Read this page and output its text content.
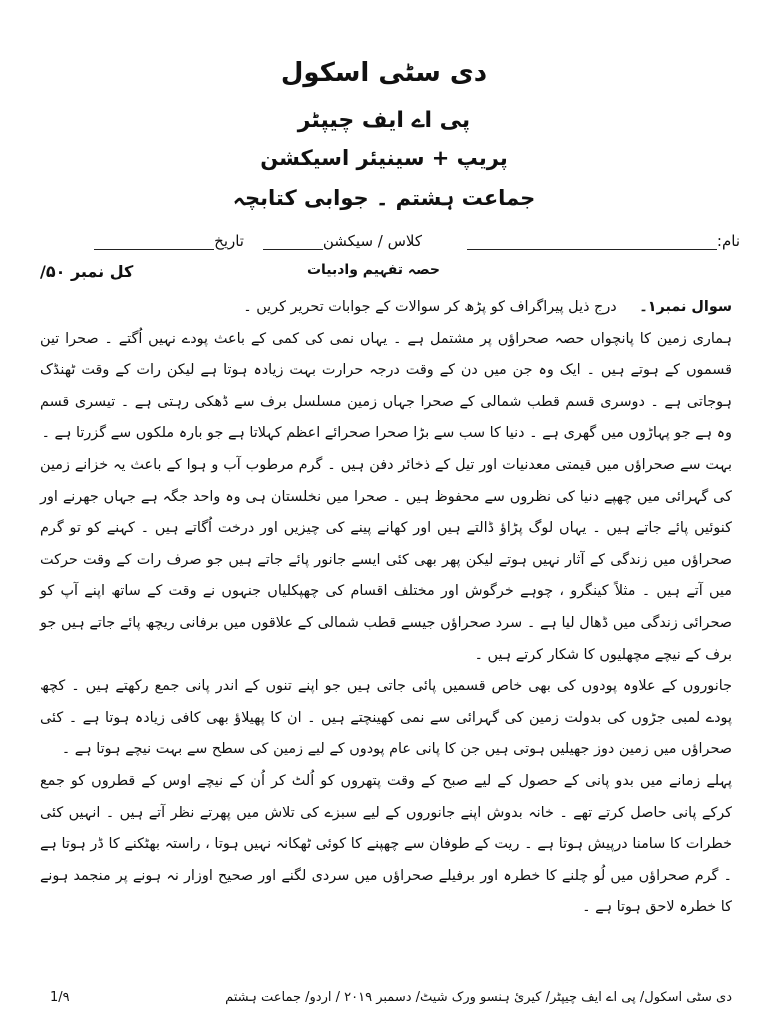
دی سٹی اسکول
پی اے ایف چیپٹر
پریپ + سینیئر اسیکشن
جماعت ہشتم ۔ جوابی کتابچہ
نام:
کلاس / سیکشن
تاریخ
حصہ تفہیم وادبیات
کل نمبر ۵۰/

سوال نمبر۱۔ درج ذیل پیراگراف کو پڑھ کر سوالات کے جوابات تحریر کریں ۔

ہماری زمین کا پانچواں حصہ صحراؤں پر مشتمل ہے ۔ یہاں نمی کی کمی کے باعث پودے نہیں اُگتے ۔ صحرا تین قسموں کے ہوتے ہیں ۔ ایک وہ جن میں دن کے وقت درجہ حرارت بہت زیادہ ہوتا ہے لیکن رات کے وقت ٹھنڈک ہوجاتی ہے ۔ دوسری قسم قطب شمالی کے صحرا جہاں زمین مسلسل برف سے ڈھکی رہتی ہے ۔ تیسری قسم وہ ہے جو پہاڑوں میں گھری ہے ۔ دنیا کا سب سے بڑا صحرا صحرائے اعظم کہلاتا ہے جو بارہ ملکوں سے گزرتا ہے ۔

بہت سے صحراؤں میں قیمتی معدنیات اور تیل کے ذخائر دفن ہیں ۔ گرم مرطوب آب و ہوا کے باعث یہ خزانے زمین کی گہرائی میں چھپے دنیا کی نظروں سے محفوظ ہیں ۔ صحرا میں نخلستان ہی وہ واحد جگہ ہے جہاں جھرنے اور کنوئیں پائے جاتے ہیں ۔ یہاں لوگ پڑاؤ ڈالتے ہیں اور کھانے پینے کی چیزیں اور درخت اُگاتے ہیں ۔ کہنے کو تو گرم صحراؤں میں زندگی کے آثار نہیں ہوتے لیکن پھر بھی کئی ایسے جانور پائے جاتے ہیں جو صرف رات کے وقت حرکت میں آتے ہیں ۔ مثلاً کینگرو ، چوہے خرگوش اور مختلف اقسام کی چھپکلیاں جنہوں نے وقت کے ساتھ اپنے آپ کو صحرائی زندگی میں ڈھال لیا ہے ۔ سرد صحراؤں جیسے قطب شمالی کے علاقوں میں برفانی ریچھ پائے جاتے ہیں جو برف کے نیچے مچھلیوں کا شکار کرتے ہیں ۔

جانوروں کے علاوہ پودوں کی بھی خاص قسمیں پائی جاتی ہیں جو اپنے تنوں کے اندر پانی جمع رکھتے ہیں ۔ کچھ پودے لمبی جڑوں کی بدولت زمین کی گہرائی سے نمی کھینچتے ہیں ۔ ان کا پھیلاؤ بھی کافی زیادہ ہوتا ہے ۔ کئی صحراؤں میں زمین دوز جھیلیں ہوتی ہیں جن کا پانی عام پودوں کے لیے زمین کی سطح سے بہت نیچے ہوتا ہے ۔

پہلے زمانے میں بدو پانی کے حصول کے لیے صبح کے وقت پتھروں کو اُلٹ کر اُن کے نیچے اوس کے قطروں کو جمع کرکے پانی حاصل کرتے تھے ۔ خانہ بدوش اپنے جانوروں کے لیے سبزے کی تلاش میں پھرتے نظر آتے ہیں ۔ انہیں کئی خطرات کا سامنا درپیش ہوتا ہے ۔ ریت کے طوفان سے چھپنے کا کوئی ٹھکانہ نہیں ہوتا ، راستہ بھٹکنے کا ڈر ہوتا ہے ۔ گرم صحراؤں میں لُو چلنے کا خطرہ اور برفیلے صحراؤں میں سردی لگنے اور صحیح اوزار نہ ہونے پر منجمد ہونے کا خطرہ لاحق ہوتا ہے ۔

دی سٹی اسکول/ پی اے ایف چیپٹر/ کیرئ ہنسو ورک شیٹ/ دسمبر ۲۰۱۹ / اردو/ جماعت ہشتم
1/۹
